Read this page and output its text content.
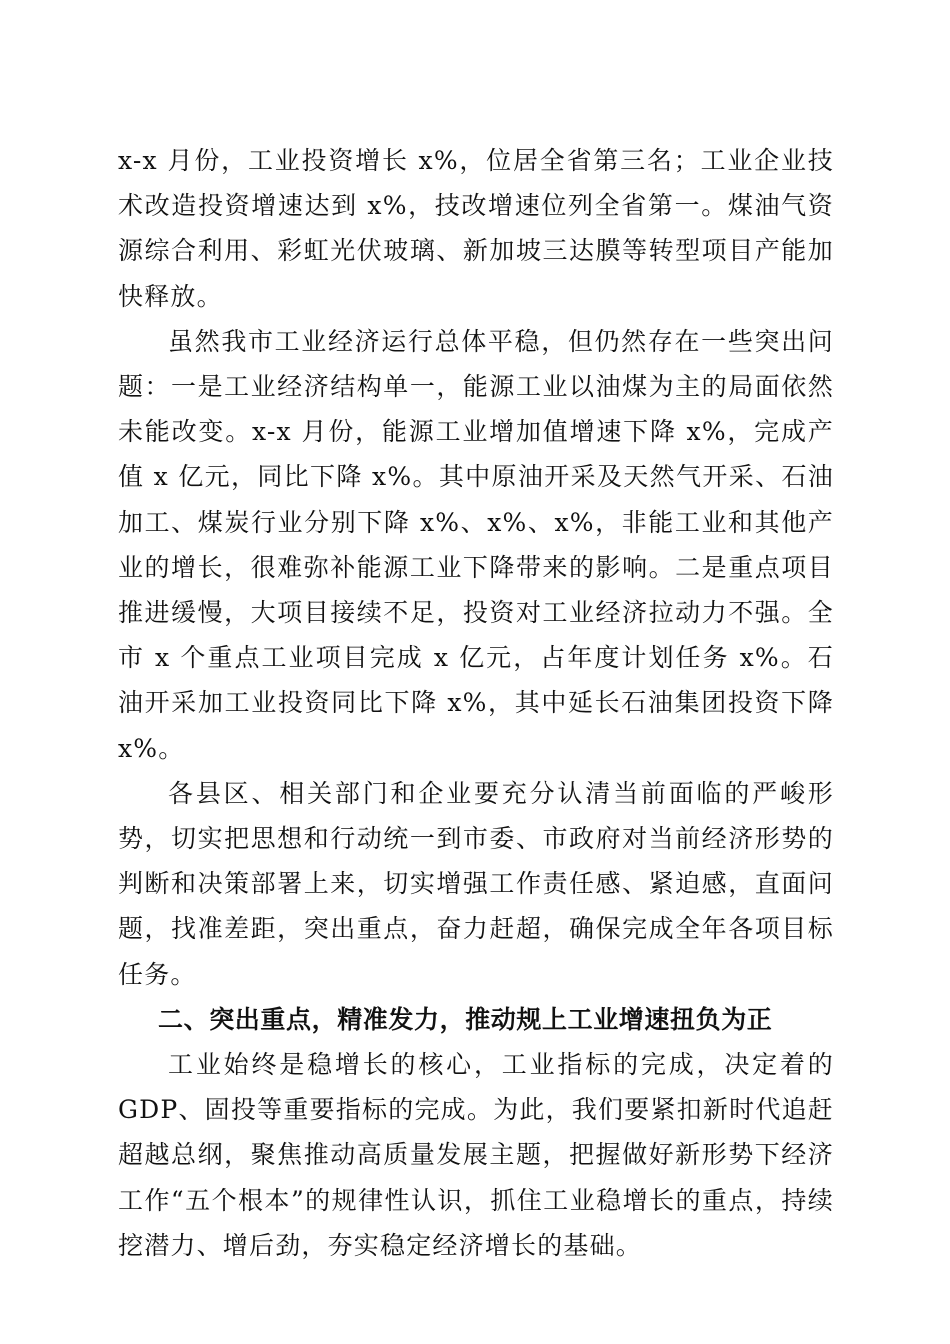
x-x 月份，工业投资增长 x%，位居全省第三名；工业企业技术改造投资增速达到 x%，技改增速位列全省第一。煤油气资源综合利用、彩虹光伏玻璃、新加坡三达膜等转型项目产能加快释放。

虽然我市工业经济运行总体平稳，但仍然存在一些突出问题：一是工业经济结构单一，能源工业以油煤为主的局面依然未能改变。x-x 月份，能源工业增加值增速下降 x%，完成产值 x 亿元，同比下降 x%。其中原油开采及天然气开采、石油加工、煤炭行业分别下降 x%、x%、x%，非能工业和其他产业的增长，很难弥补能源工业下降带来的影响。二是重点项目推进缓慢，大项目接续不足，投资对工业经济拉动力不强。全市 x 个重点工业项目完成 x 亿元，占年度计划任务 x%。石油开采加工业投资同比下降 x%，其中延长石油集团投资下降 x%。

各县区、相关部门和企业要充分认清当前面临的严峻形势，切实把思想和行动统一到市委、市政府对当前经济形势的判断和决策部署上来，切实增强工作责任感、紧迫感，直面问题，找准差距，突出重点，奋力赶超，确保完成全年各项目标任务。

二、突出重点，精准发力，推动规上工业增速扭负为正

工业始终是稳增长的核心，工业指标的完成，决定着的 GDP、固投等重要指标的完成。为此，我们要紧扣新时代追赶超越总纲，聚焦推动高质量发展主题，把握做好新形势下经济工作“五个根本”的规律性认识，抓住工业稳增长的重点，持续挖潜力、增后劲，夯实稳定经济增长的基础。
